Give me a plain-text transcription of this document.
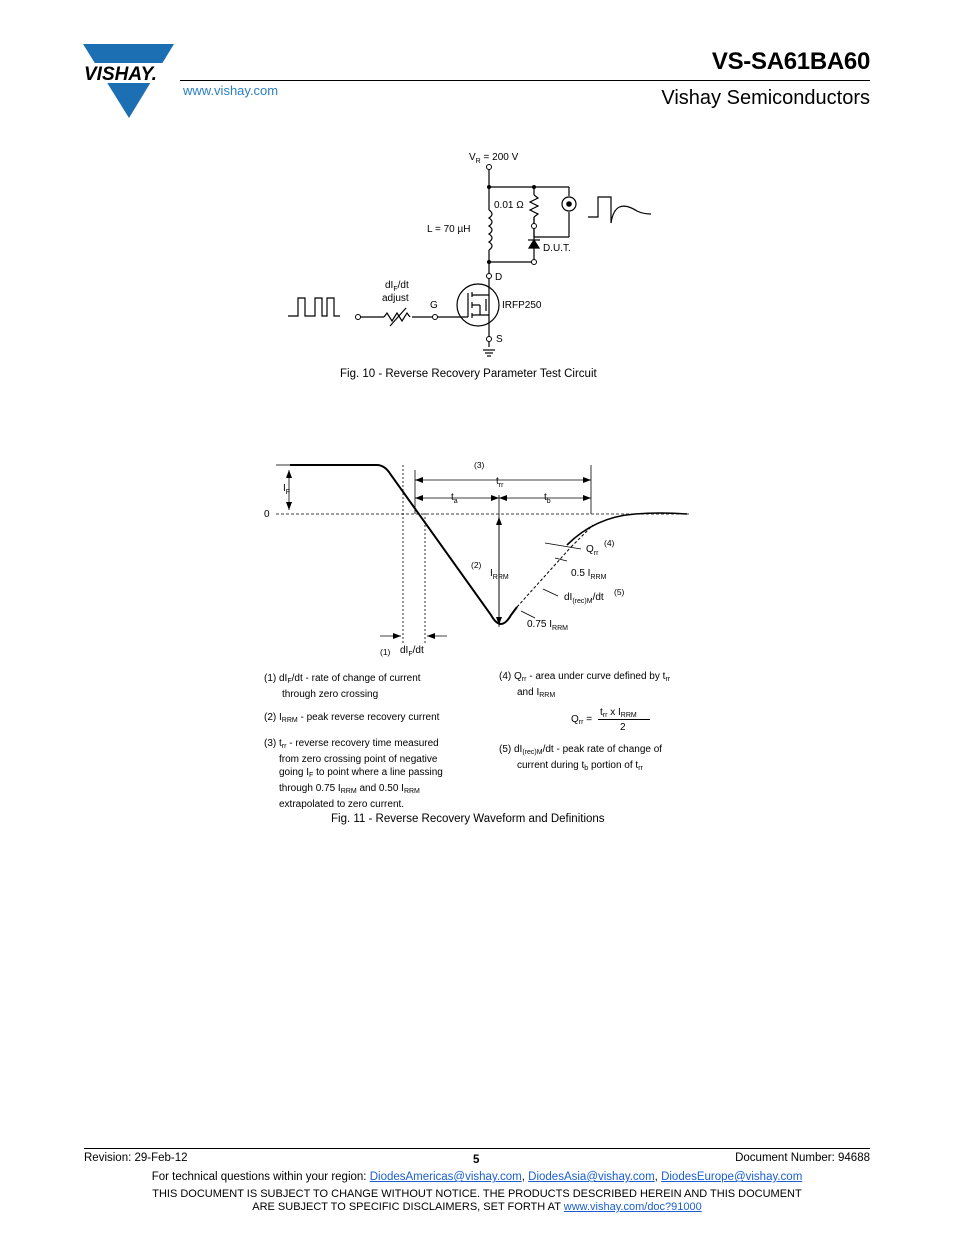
VISHAY.
www.vishay.com
VS-SA61BA60
Vishay Semiconductors
$V_R = 200$ V
0.01 Ω
L = 70 µH
D.U.T.
D
G
S
IRFP250
$dI_F/dt$
adjust
Fig. 10 - Reverse Recovery Parameter Test Circuit
0
$I_F$
(3)
$t_{rr}$
$t_a$	$t_b$
(2)
$I_{RRM}$
(4)
$Q_{rr}$
0.5 $I_{RRM}$
$dI_{(rec)M}/dt$ (5)
0.75 $I_{RRM}$
(1) $dI_F/dt$
(1) $dI_F/dt$ - rate of change of current
through zero crossing
(2) $I_{RRM}$ - peak reverse recovery current
(3) $t_{rr}$ - reverse recovery time measured
from zero crossing point of negative
going $I_F$ to point where a line passing
through 0.75 $I_{RRM}$ and 0.50 $I_{RRM}$
extrapolated to zero current.
(4) $Q_{rr}$ - area under curve defined by $t_{rr}$
and $I_{RRM}$
$Q_{rr}$ =
$t_{rr}$ x $I_{RRM}$
2
(5) $dI_{(rec)M}/dt$ - peak rate of change of
current during $t_b$ portion of $t_{rr}$
Fig. 11 - Reverse Recovery Waveform and Definitions
Revision: 29-Feb-12	5	Document Number: 94688
For technical questions within your region: DiodesAmericas@vishay.com, DiodesAsia@vishay.com, DiodesEurope@vishay.com
THIS DOCUMENT IS SUBJECT TO CHANGE WITHOUT NOTICE. THE PRODUCTS DESCRIBED HEREIN AND THIS DOCUMENT
ARE SUBJECT TO SPECIFIC DISCLAIMERS, SET FORTH AT www.vishay.com/doc?91000
